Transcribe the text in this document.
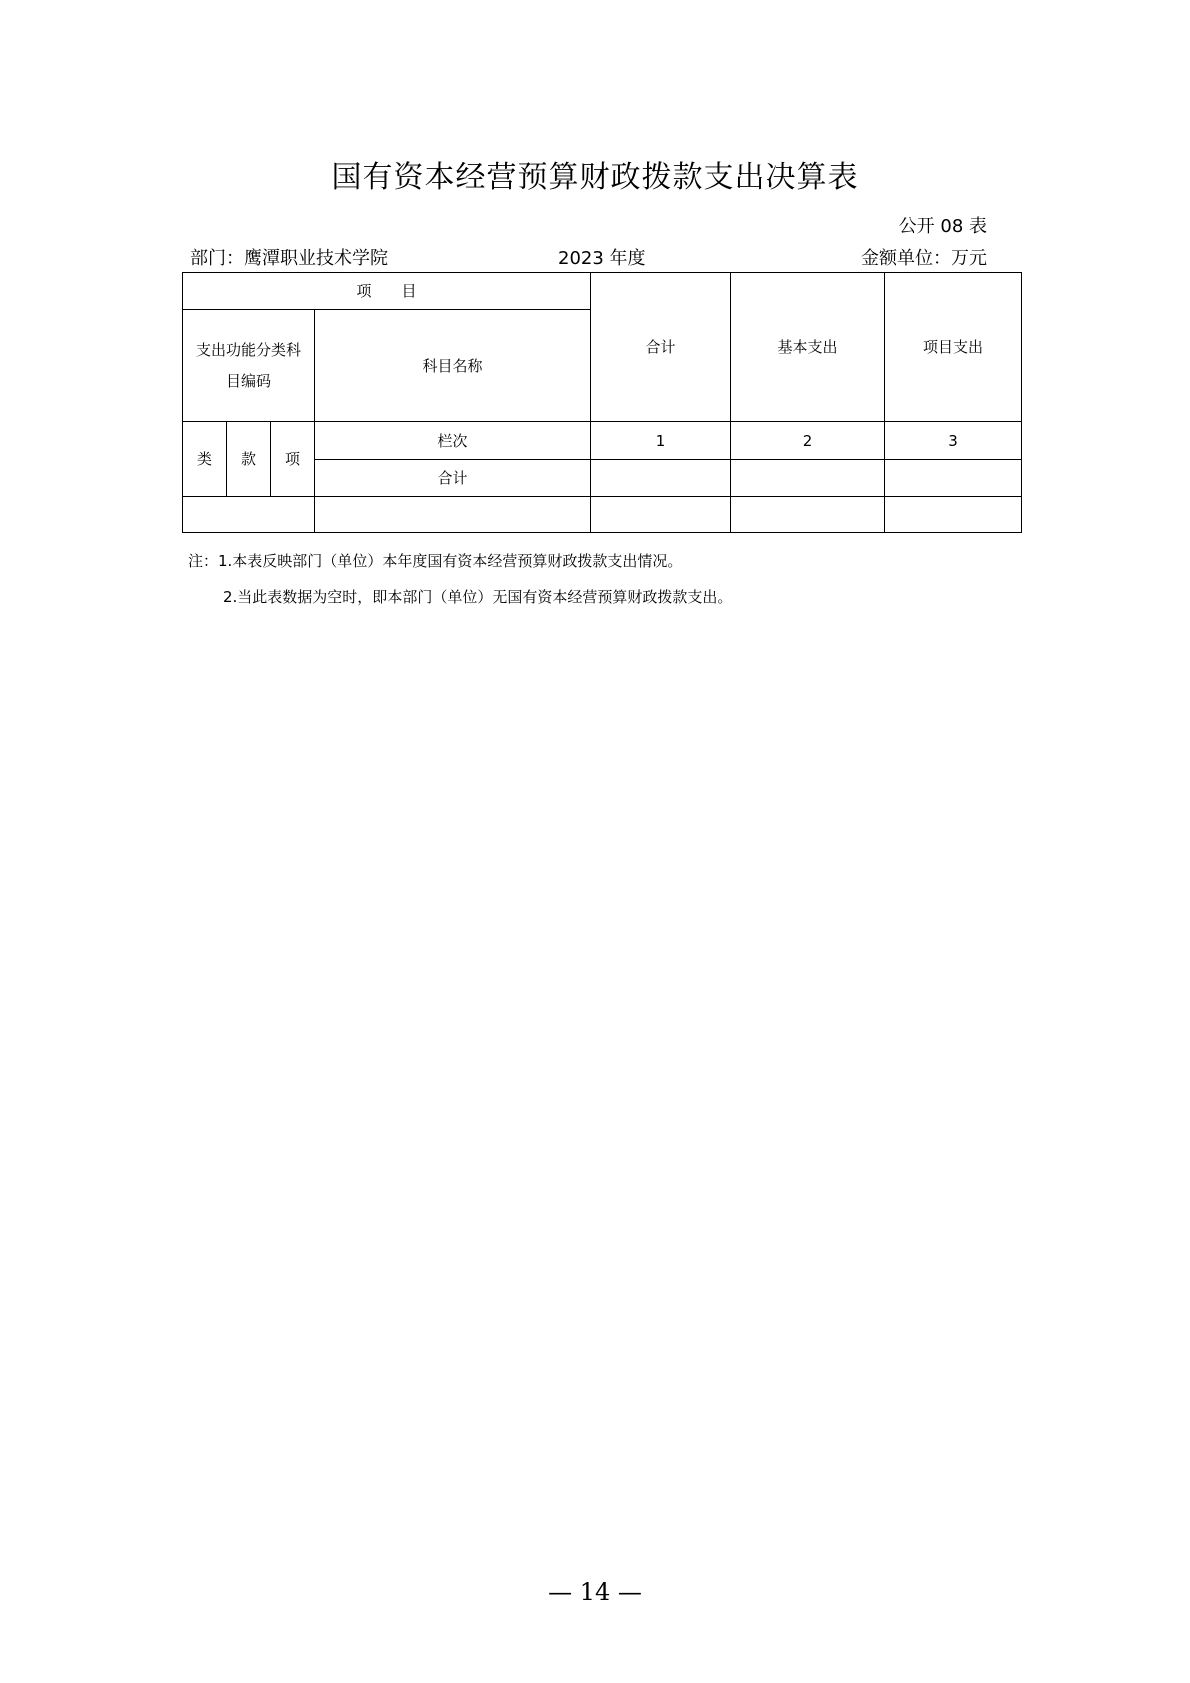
国有资本经营预算财政拨款支出决算表
公开 08 表
部门：鹰潭职业技术学院	2023 年度	金额单位：万元
项　　目				合计	基本支出	项目支出

支出功能分类科目编码			科目名称			
类	款	项	栏次	1	2	3
			合计			

注：1.本表反映部门（单位）本年度国有资本经营预算财政拨款支出情况。
2.当此表数据为空时，即本部门（单位）无国有资本经营预算财政拨款支出。
— 14 —
